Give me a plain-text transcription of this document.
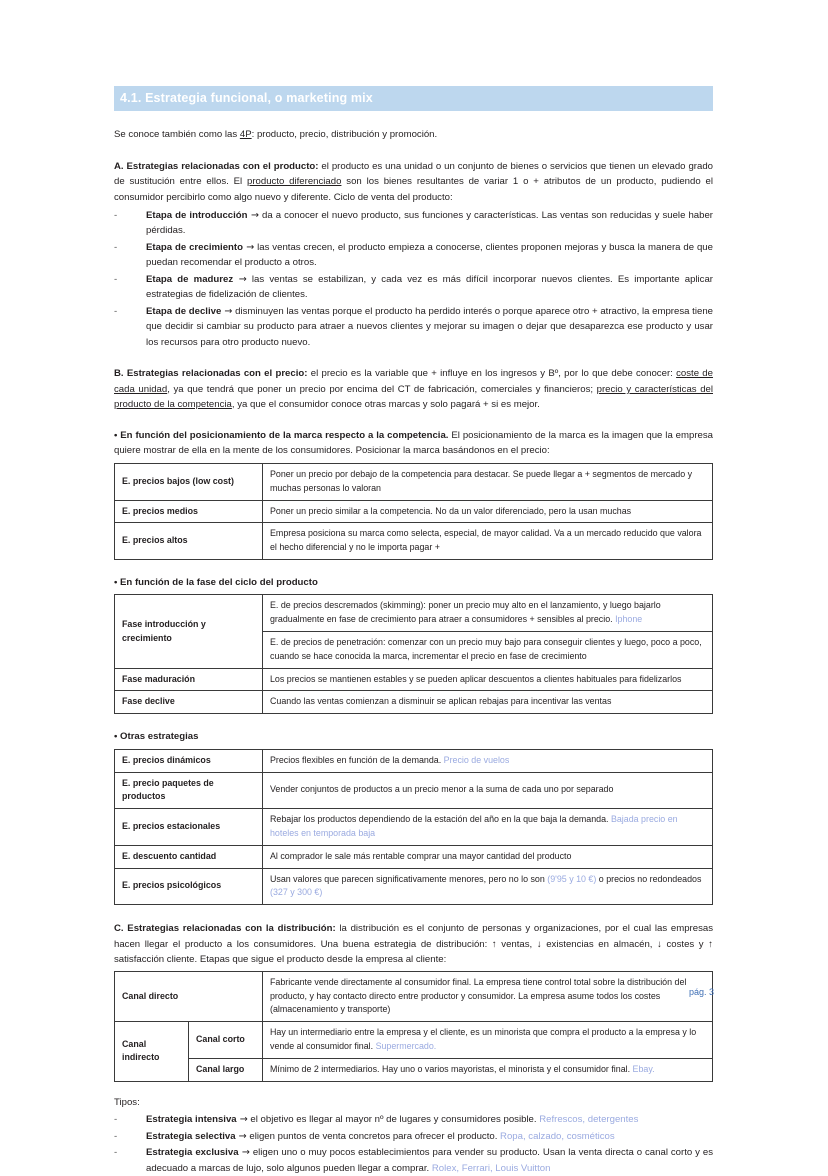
4.1. Estrategia funcional, o marketing mix

Se conoce también como las 4P: producto, precio, distribución y promoción.

A. Estrategias relacionadas con el producto: el producto es una unidad o un conjunto de bienes o servicios que tienen un elevado grado de sustitución entre ellos. El producto diferenciado son los bienes resultantes de variar 1 o + atributos de un producto, pudiendo el consumidor percibirlo como algo nuevo y diferente. Ciclo de venta del producto:

-	Etapa de introducción → da a conocer el nuevo producto, sus funciones y características. Las ventas son reducidas y suele haber pérdidas.
-	Etapa de crecimiento → las ventas crecen, el producto empieza a conocerse, clientes proponen mejoras y busca la manera de que puedan recomendar el producto a otros.
-	Etapa de madurez → las ventas se estabilizan, y cada vez es más difícil incorporar nuevos clientes. Es importante aplicar estrategias de fidelización de clientes.
-	Etapa de declive → disminuyen las ventas porque el producto ha perdido interés o porque aparece otro + atractivo, la empresa tiene que decidir si cambiar su producto para atraer a nuevos clientes y mejorar su imagen o dejar que desaparezca ese producto y usar los recursos para otro producto nuevo.

B. Estrategias relacionadas con el precio: el precio es la variable que + influye en los ingresos y Bº, por lo que debe conocer: coste de cada unidad, ya que tendrá que poner un precio por encima del CT de fabricación, comerciales y financieros; precio y características del producto de la competencia, ya que el consumidor conoce otras marcas y solo pagará + si es mejor.

• En función del posicionamiento de la marca respecto a la competencia. El posicionamiento de la marca es la imagen que la empresa quiere mostrar de ella en la mente de los consumidores. Posicionar la marca basándonos en el precio:
E. precios bajos (low cost)	Poner un precio por debajo de la competencia para destacar. Se puede llegar a + segmentos de mercado y muchas personas lo valoran
E. precios medios	Poner un precio similar a la competencia. No da un valor diferenciado, pero la usan muchas
E. precios altos	Empresa posiciona su marca como selecta, especial, de mayor calidad. Va a un mercado reducido que valora el hecho diferencial y no le importa pagar +
• En función de la fase del ciclo del producto
Fase introducción y crecimiento	E. de precios descremados (skimming): poner un precio muy alto en el lanzamiento, y luego bajarlo gradualmente en fase de crecimiento para atraer a consumidores + sensibles al precio. Iphone
	E. de precios de penetración: comenzar con un precio muy bajo para conseguir clientes y luego, poco a poco, cuando se hace conocida la marca, incrementar el precio en fase de crecimiento
Fase maduración	Los precios se mantienen estables y se pueden aplicar descuentos a clientes habituales para fidelizarlos
Fase declive	Cuando las ventas comienzan a disminuir se aplican rebajas para incentivar las ventas
• Otras estrategias
E. precios dinámicos	Precios flexibles en función de la demanda. Precio de vuelos
E. precio paquetes de productos	Vender conjuntos de productos a un precio menor a la suma de cada uno por separado
E. precios estacionales	Rebajar los productos dependiendo de la estación del año en la que baja la demanda. Bajada precio en hoteles en temporada baja
E. descuento cantidad	Al comprador le sale más rentable comprar una mayor cantidad del producto
E. precios psicológicos	Usan valores que parecen significativamente menores, pero no lo son (9'95 y 10 €) o precios no redondeados (327 y 300 €)

C. Estrategias relacionadas con la distribución: la distribución es el conjunto de personas y organizaciones, por el cual las empresas hacen llegar el producto a los consumidores. Una buena estrategia de distribución: ↑ ventas, ↓ existencias en almacén, ↓ costes y ↑ satisfacción cliente. Etapas que sigue el producto desde la empresa al cliente:

Canal directo		Fabricante vende directamente al consumidor final. La empresa tiene control total sobre la distribución del producto, y hay contacto directo entre productor y consumidor. La empresa asume todos los costes (almacenamiento y transporte)
Canal indirecto	Canal corto	Hay un intermediario entre la empresa y el cliente, es un minorista que compra el producto a la empresa y lo vende al consumidor final. Supermercado.
	Canal largo	Mínimo de 2 intermediarios. Hay uno o varios mayoristas, el minorista y el consumidor final. Ebay.

Tipos:

-	Estrategia intensiva → el objetivo es llegar al mayor nº de lugares y consumidores posible. Refrescos, detergentes
-	Estrategia selectiva → eligen puntos de venta concretos para ofrecer el producto. Ropa, calzado, cosméticos
-	Estrategia exclusiva → eligen uno o muy pocos establecimientos para vender su producto. Usan la venta directa o canal corto y es adecuado a marcas de lujo, solo algunos pueden llegar a comprar. Rolex, Ferrari, Louis Vuitton
pág. 3
